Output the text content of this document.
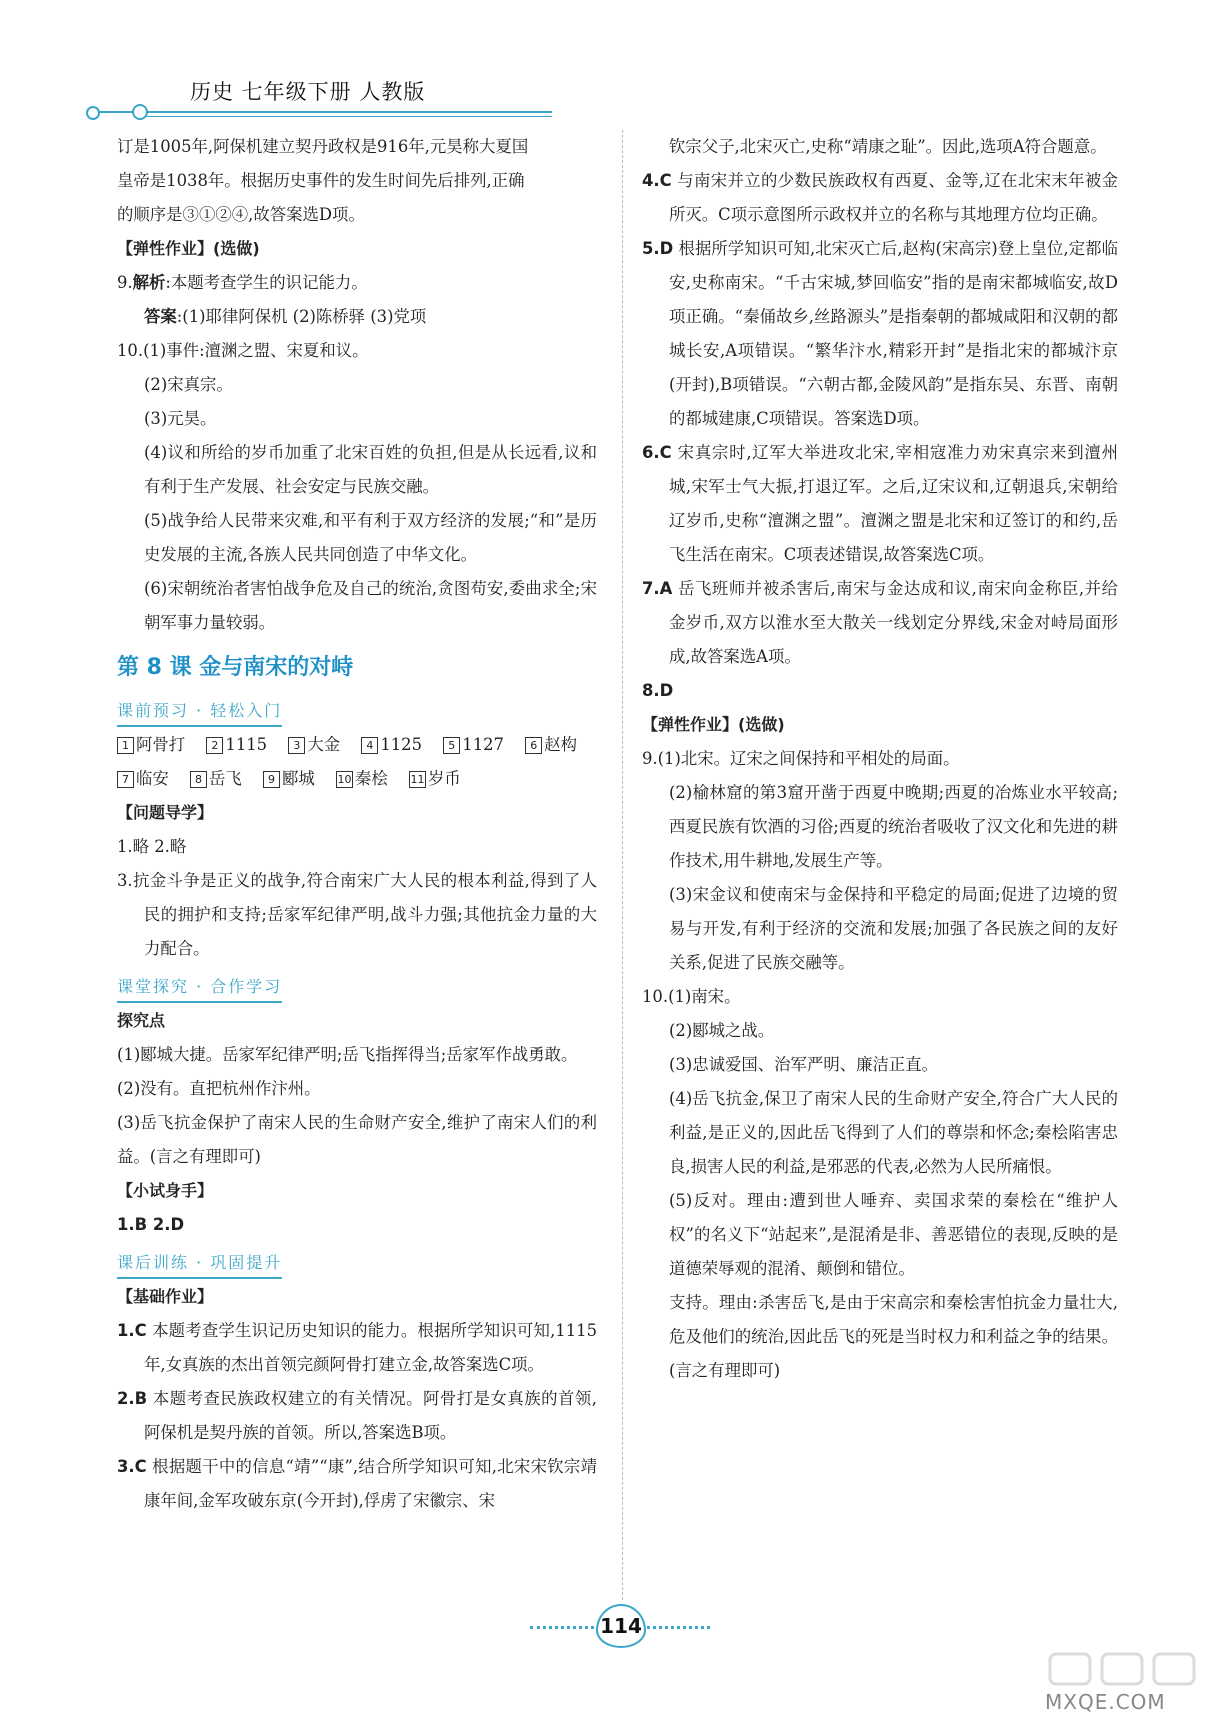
历史 七年级下册 人教版

订是1005年,阿保机建立契丹政权是916年,元昊称大夏国

皇帝是1038年。根据历史事件的发生时间先后排列,正确

的顺序是③①②④,故答案选D项。

【弹性作业】(选做)

9.解析:本题考查学生的识记能力。

答案:(1)耶律阿保机 (2)陈桥驿 (3)党项

10.(1)事件:澶渊之盟、宋夏和议。

(2)宋真宗。

(3)元昊。

(4)议和所给的岁币加重了北宋百姓的负担,但是从长远看,议和有利于生产发展、社会安定与民族交融。

(5)战争给人民带来灾难,和平有利于双方经济的发展;“和”是历史发展的主流,各族人民共同创造了中华文化。

(6)宋朝统治者害怕战争危及自己的统治,贪图苟安,委曲求全;宋朝军事力量较弱。

第 8 课 金与南宋的对峙

课前预习 · 轻松入门

1 阿骨打 2 1115 3 大金 4 1125 5 1127 6 赵构

7 临安 8 岳飞 9 郾城 10 秦桧 11 岁币

【问题导学】

1.略 2.略

3.抗金斗争是正义的战争,符合南宋广大人民的根本利益,得到了人民的拥护和支持;岳家军纪律严明,战斗力强;其他抗金力量的大力配合。

课堂探究 · 合作学习

探究点

(1)郾城大捷。岳家军纪律严明;岳飞指挥得当;岳家军作战勇敢。

(2)没有。直把杭州作汴州。

(3)岳飞抗金保护了南宋人民的生命财产安全,维护了南宋人们的利益。(言之有理即可)

【小试身手】

1.B 2.D

课后训练 · 巩固提升

【基础作业】

1.C 本题考查学生识记历史知识的能力。根据所学知识可知,1115年,女真族的杰出首领完颜阿骨打建立金,故答案选C项。

2.B 本题考查民族政权建立的有关情况。阿骨打是女真族的首领,阿保机是契丹族的首领。所以,答案选B项。

3.C 根据题干中的信息“靖”“康”,结合所学知识可知,北宋宋钦宗靖康年间,金军攻破东京(今开封),俘虏了宋徽宗、宋

钦宗父子,北宋灭亡,史称“靖康之耻”。因此,选项A符合题意。

4.C 与南宋并立的少数民族政权有西夏、金等,辽在北宋末年被金所灭。C项示意图所示政权并立的名称与其地理方位均正确。

5.D 根据所学知识可知,北宋灭亡后,赵构(宋高宗)登上皇位,定都临安,史称南宋。“千古宋城,梦回临安”指的是南宋都城临安,故D项正确。“秦俑故乡,丝路源头”是指秦朝的都城咸阳和汉朝的都城长安,A项错误。“繁华汴水,精彩开封”是指北宋的都城汴京(开封),B项错误。“六朝古都,金陵风韵”是指东吴、东晋、南朝的都城建康,C项错误。答案选D项。

6.C 宋真宗时,辽军大举进攻北宋,宰相寇准力劝宋真宗来到澶州城,宋军士气大振,打退辽军。之后,辽宋议和,辽朝退兵,宋朝给辽岁币,史称“澶渊之盟”。澶渊之盟是北宋和辽签订的和约,岳飞生活在南宋。C项表述错误,故答案选C项。

7.A 岳飞班师并被杀害后,南宋与金达成和议,南宋向金称臣,并给金岁币,双方以淮水至大散关一线划定分界线,宋金对峙局面形成,故答案选A项。

8.D

【弹性作业】(选做)

9.(1)北宋。辽宋之间保持和平相处的局面。

(2)榆林窟的第3窟开凿于西夏中晚期;西夏的冶炼业水平较高;西夏民族有饮酒的习俗;西夏的统治者吸收了汉文化和先进的耕作技术,用牛耕地,发展生产等。

(3)宋金议和使南宋与金保持和平稳定的局面;促进了边境的贸易与开发,有利于经济的交流和发展;加强了各民族之间的友好关系,促进了民族交融等。

10.(1)南宋。

(2)郾城之战。

(3)忠诚爱国、治军严明、廉洁正直。

(4)岳飞抗金,保卫了南宋人民的生命财产安全,符合广大人民的利益,是正义的,因此岳飞得到了人们的尊崇和怀念;秦桧陷害忠良,损害人民的利益,是邪恶的代表,必然为人民所痛恨。

(5)反对。理由:遭到世人唾弃、卖国求荣的秦桧在“维护人权”的名义下“站起来”,是混淆是非、善恶错位的表现,反映的是道德荣辱观的混淆、颠倒和错位。

支持。理由:杀害岳飞,是由于宋高宗和秦桧害怕抗金力量壮大,危及他们的统治,因此岳飞的死是当时权力和利益之争的结果。(言之有理即可)

114
MXQE.COM
